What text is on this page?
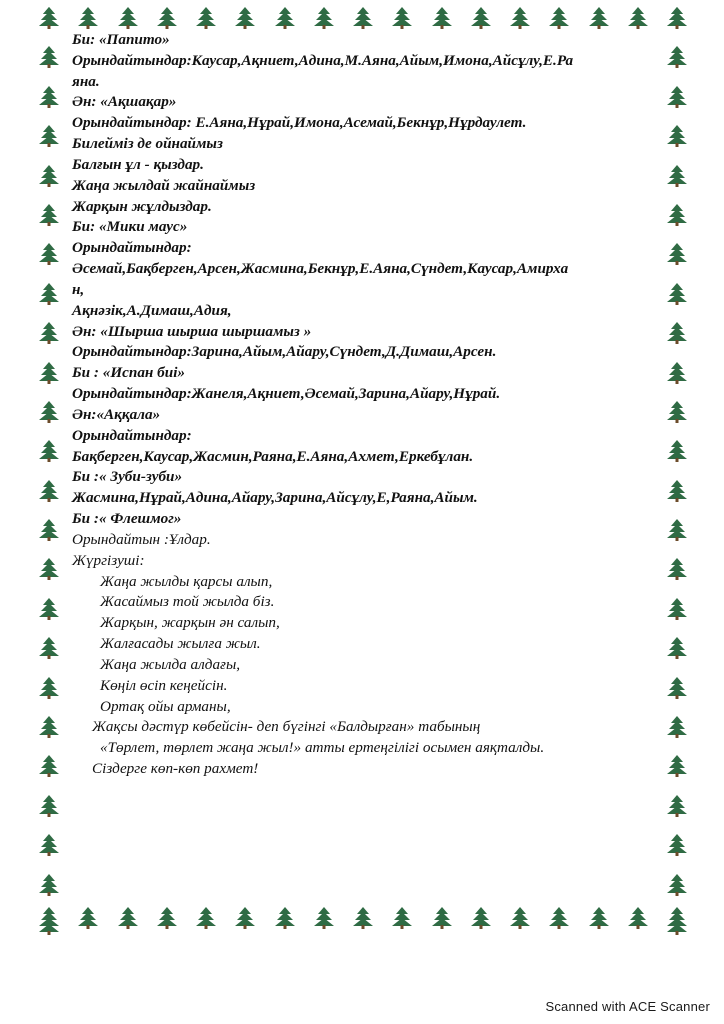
Би: «Папито»
Орындайтындар:Каусар,Ақниет,Адина,М.Аяна,Айым,Имона,Айсұлу,Е.Ра
яна.
Ән: «Ақшақар»
Орындайтындар: Е.Аяна,Нұрай,Имона,Асемай,Бекнұр,Нұрдаулет.
Билейміз де ойнаймыз
Балғын ұл - қыздар.
Жаңа жылдай жайнаймыз
Жарқын жұлдыздар.
Би: «Мики маус»
Орындайтындар:
Әсемай,Бақберген,Арсен,Жасмина,Бекнұр,Е.Аяна,Сүндет,Каусар,Амирха
н,
Ақнәзік,А.Димаш,Адия,
Ән: «Шырша шырша шыршамыз »
Орындайтындар:Зарина,Айым,Айару,Сүндет,Д.Димаш,Арсен.
Би : «Испан биі»
Орындайтындар:Жанеля,Ақниет,Әсемай,Зарина,Айару,Нұрай.
Ән:«Аққала»
Орындайтындар:
Бақберген,Каусар,Жасмин,Раяна,Е.Аяна,Ахмет,Еркебұлан.
Би :« Зуби-зуби»
Жасмина,Нұрай,Адина,Айару,Зарина,Айсұлу,Е,Раяна,Айым.
Би :« Флешмог»
Орындайтын :Ұлдар.
Жүргізуші:
Жаңа жылды қарсы алып,
Жасаймыз той жылда біз.
Жарқын, жарқын ән салып,
Жалғасады жылға жыл.
Жаңа жылда алдағы,
Көңіл өсіп кеңейсін.
Ортақ ойы арманы,
Жақсы дәстүр көбейсін- деп бүгінгі «Балдырған» табының
«Төрлет, төрлет жаңа жыл!» атты ертеңгілігі осымен аяқталды.
Сіздерге көп-көп рахмет!
Scanned with ACE Scanner
